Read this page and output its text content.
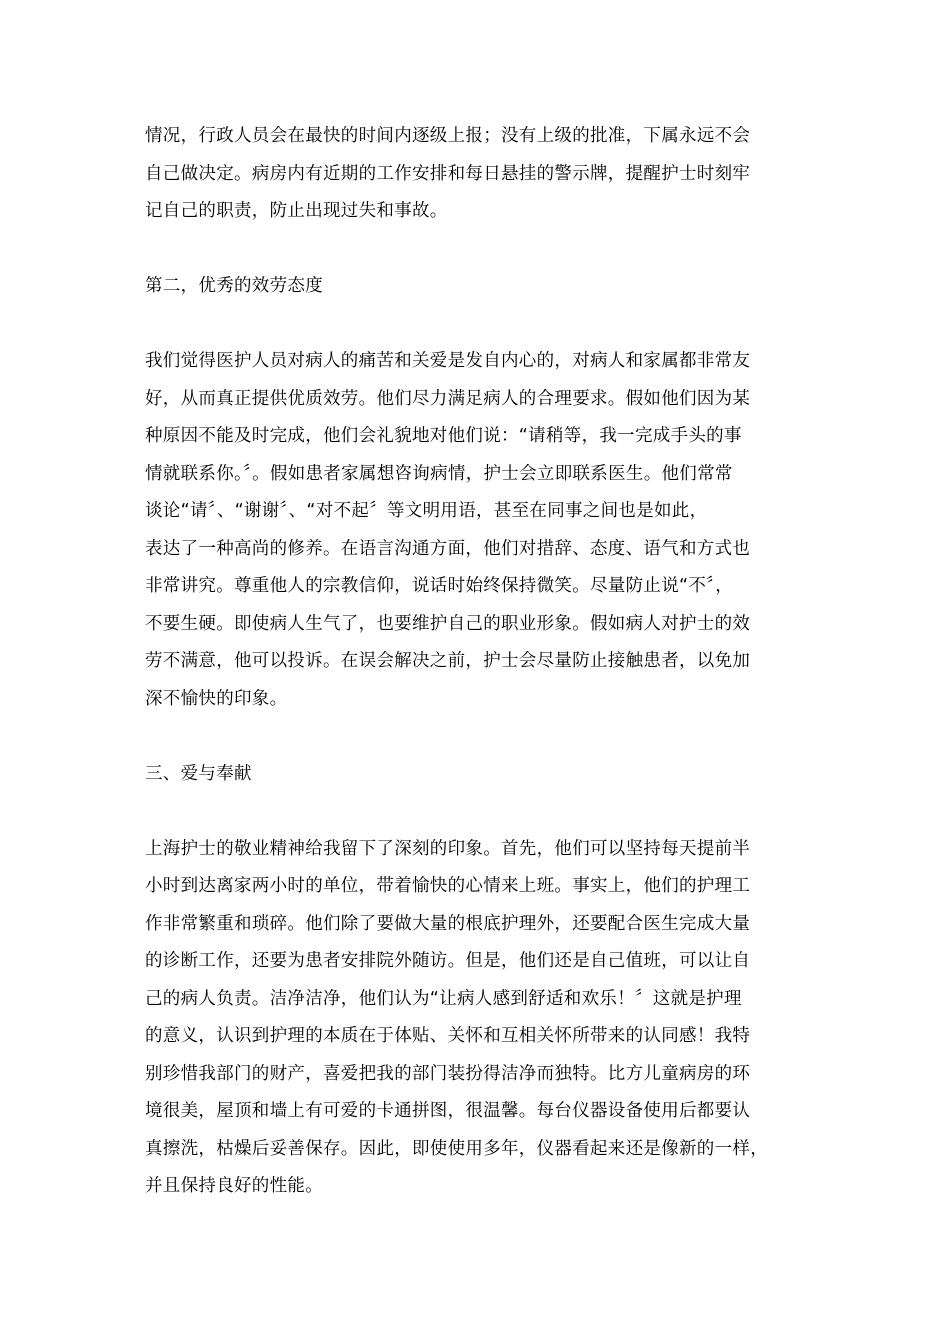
情况，行政人员会在最快的时间内逐级上报；没有上级的批准，下属永远不会
自己做决定。病房内有近期的工作安排和每日悬挂的警示牌，提醒护士时刻牢
记自己的职责，防止出现过失和事故。

第二，优秀的效劳态度

我们觉得医护人员对病人的痛苦和关爱是发自内心的，对病人和家属都非常友
好，从而真正提供优质效劳。他们尽力满足病人的合理要求。假如他们因为某
种原因不能及时完成，他们会礼貌地对他们说：“请稍等，我一完成手头的事
情就联系你。〞。假如患者家属想咨询病情，护士会立即联系医生。他们常常
谈论“请〞、“谢谢〞、“对不起〞等文明用语，甚至在同事之间也是如此，
表达了一种高尚的修养。在语言沟通方面，他们对措辞、态度、语气和方式也
非常讲究。尊重他人的宗教信仰，说话时始终保持微笑。尽量防止说“不〞，
不要生硬。即使病人生气了，也要维护自己的职业形象。假如病人对护士的效
劳不满意，他可以投诉。在误会解决之前，护士会尽量防止接触患者，以免加
深不愉快的印象。

三、爱与奉献

上海护士的敬业精神给我留下了深刻的印象。首先，他们可以坚持每天提前半
小时到达离家两小时的单位，带着愉快的心情来上班。事实上，他们的护理工
作非常繁重和琐碎。他们除了要做大量的根底护理外，还要配合医生完成大量
的诊断工作，还要为患者安排院外随访。但是，他们还是自己值班，可以让自
己的病人负责。洁净洁净，他们认为“让病人感到舒适和欢乐！〞这就是护理
的意义，认识到护理的本质在于体贴、关怀和互相关怀所带来的认同感！我特
别珍惜我部门的财产，喜爱把我的部门装扮得洁净而独特。比方儿童病房的环
境很美，屋顶和墙上有可爱的卡通拼图，很温馨。每台仪器设备使用后都要认
真擦洗，枯燥后妥善保存。因此，即使使用多年，仪器看起来还是像新的一样，
并且保持良好的性能。
